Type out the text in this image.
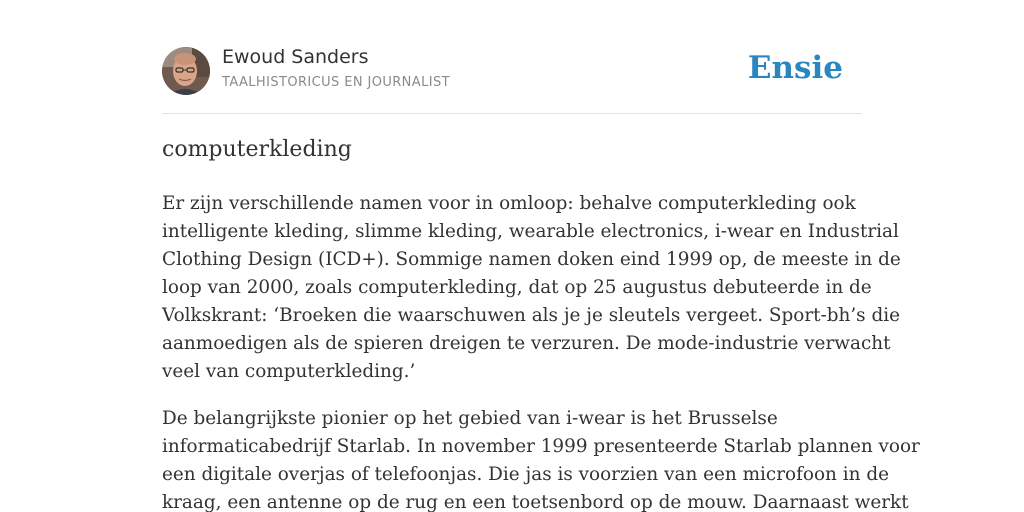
Ewoud Sanders
TAALHISTORICUS EN JOURNALIST	Ensie
computerkleding

Er zijn verschillende namen voor in omloop: behalve computerkleding ook
intelligente kleding, slimme kleding, wearable electronics, i-wear en Industrial
Clothing Design (ICD+). Sommige namen doken eind 1999 op, de meeste in de
loop van 2000, zoals computerkleding, dat op 25 augustus debuteerde in de
Volkskrant: ‘Broeken die waarschuwen als je je sleutels vergeet. Sport-bh’s die
aanmoedigen als de spieren dreigen te verzuren. De mode-industrie verwacht
veel van computerkleding.’

De belangrijkste pionier op het gebied van i-wear is het Brusselse
informaticabedrijf Starlab. In november 1999 presenteerde Starlab plannen voor
een digitale overjas of telefoonjas. Die jas is voorzien van een microfoon in de
kraag, een antenne op de rug en een toetsenbord op de mouw. Daarnaast werkt
